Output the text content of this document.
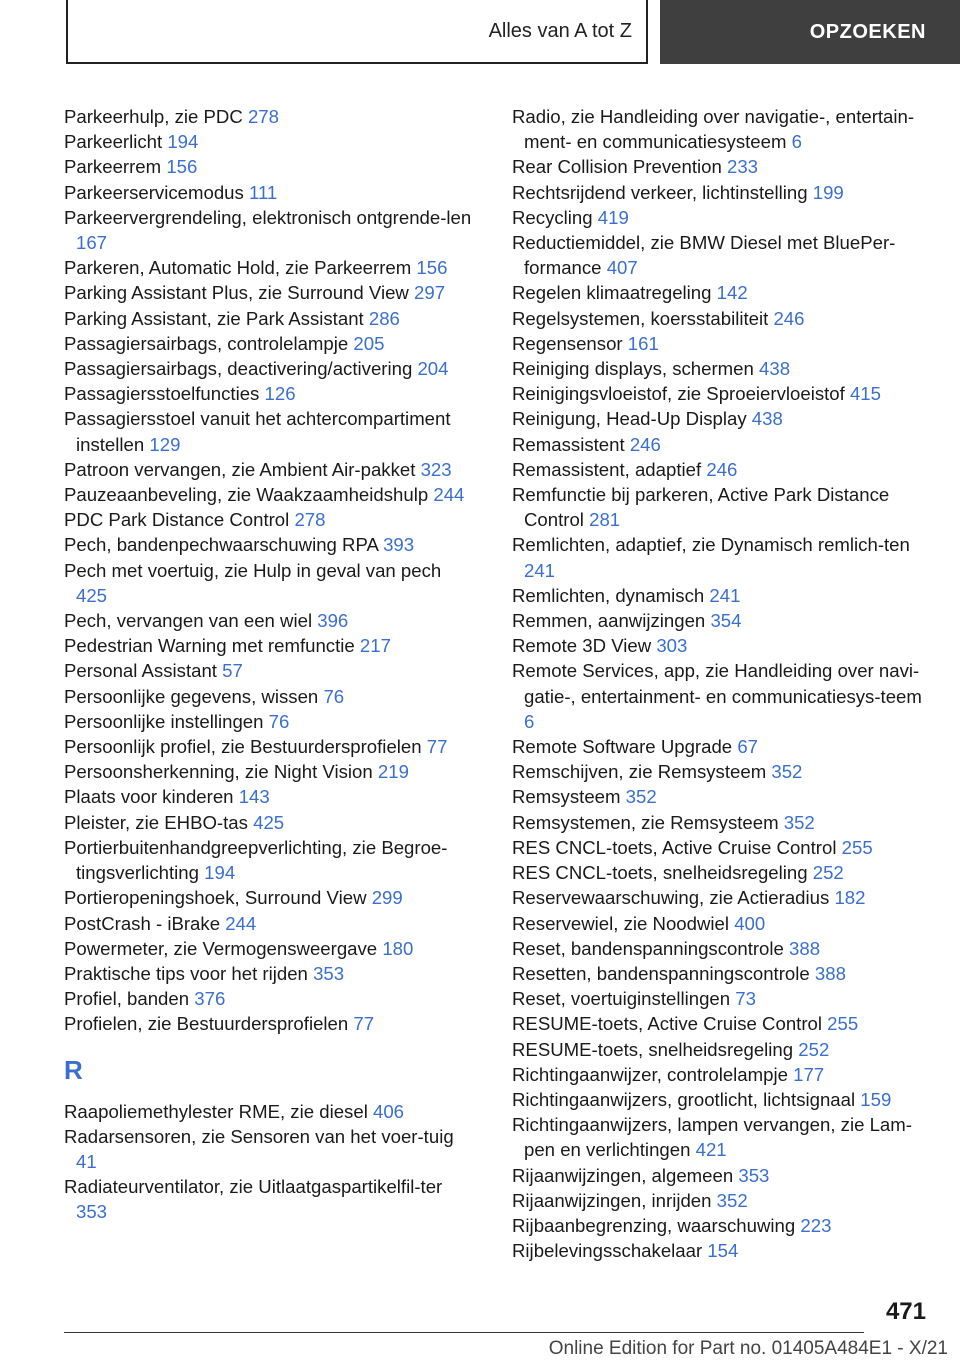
Alles van A tot Z	OPZOEKEN
Parkeerhulp, zie PDC 278
Parkeerlicht 194
Parkeerrem 156
Parkeerservicemodus 111
Parkeervergrendeling, elektronisch ontgrende-len 167
Parkeren, Automatic Hold, zie Parkeerrem 156
Parking Assistant Plus, zie Surround View 297
Parking Assistant, zie Park Assistant 286
Passagiersairbags, controlelampje 205
Passagiersairbags, deactivering/activering 204
Passagiersstoelfuncties 126
Passagiersstoel vanuit het achtercompartiment instellen 129
Patroon vervangen, zie Ambient Air-pakket 323
Pauzeaanbeveling, zie Waakzaamheidshulp 244
PDC Park Distance Control 278
Pech, bandenpechwaarschuwing RPA 393
Pech met voertuig, zie Hulp in geval van pech 425
Pech, vervangen van een wiel 396
Pedestrian Warning met remfunctie 217
Personal Assistant 57
Persoonlijke gegevens, wissen 76
Persoonlijke instellingen 76
Persoonlijk profiel, zie Bestuurdersprofielen 77
Persoonsherkenning, zie Night Vision 219
Plaats voor kinderen 143
Pleister, zie EHBO-tas 425
Portierbuitenhandgreepverlichting, zie Begroe-tingsverlichting 194
Portieropeningshoek, Surround View 299
PostCrash - iBrake 244
Powermeter, zie Vermogensweergave 180
Praktische tips voor het rijden 353
Profiel, banden 376
Profielen, zie Bestuurdersprofielen 77
R
Raapoliemethylester RME, zie diesel 406
Radarsensoren, zie Sensoren van het voer-tuig 41
Radiateurventilator, zie Uitlaatgaspartikelfil-ter 353
Radio, zie Handleiding over navigatie-, entertain-ment- en communicatiesysteem 6
Rear Collision Prevention 233
Rechtsrijdend verkeer, lichtinstelling 199
Recycling 419
Reductiemiddel, zie BMW Diesel met BluePer-formance 407
Regelen klimaatregeling 142
Regelsystemen, koersstabiliteit 246
Regensensor 161
Reiniging displays, schermen 438
Reinigingsvloeistof, zie Sproeiervloeistof 415
Reinigung, Head-Up Display 438
Remassistent 246
Remassistent, adaptief 246
Remfunctie bij parkeren, Active Park Distance Control 281
Remlichten, adaptief, zie Dynamisch remlich-ten 241
Remlichten, dynamisch 241
Remmen, aanwijzingen 354
Remote 3D View 303
Remote Services, app, zie Handleiding over navi-gatie-, entertainment- en communicatiesys-teem 6
Remote Software Upgrade 67
Remschijven, zie Remsysteem 352
Remsysteem 352
Remsystemen, zie Remsysteem 352
RES CNCL-toets, Active Cruise Control 255
RES CNCL-toets, snelheidsregeling 252
Reservewaarschuwing, zie Actieradius 182
Reservewiel, zie Noodwiel 400
Reset, bandenspanningscontrole 388
Resetten, bandenspanningscontrole 388
Reset, voertuiginstellingen 73
RESUME-toets, Active Cruise Control 255
RESUME-toets, snelheidsregeling 252
Richtingaanwijzer, controlelampje 177
Richtingaanwijzers, grootlicht, lichtsignaal 159
Richtingaanwijzers, lampen vervangen, zie Lam-pen en verlichtingen 421
Rijaanwijzingen, algemeen 353
Rijaanwijzingen, inrijden 352
Rijbaanbegrenzing, waarschuwing 223
Rijbelevingsschakelaar 154
471
Online Edition for Part no. 01405A484E1 - X/21
